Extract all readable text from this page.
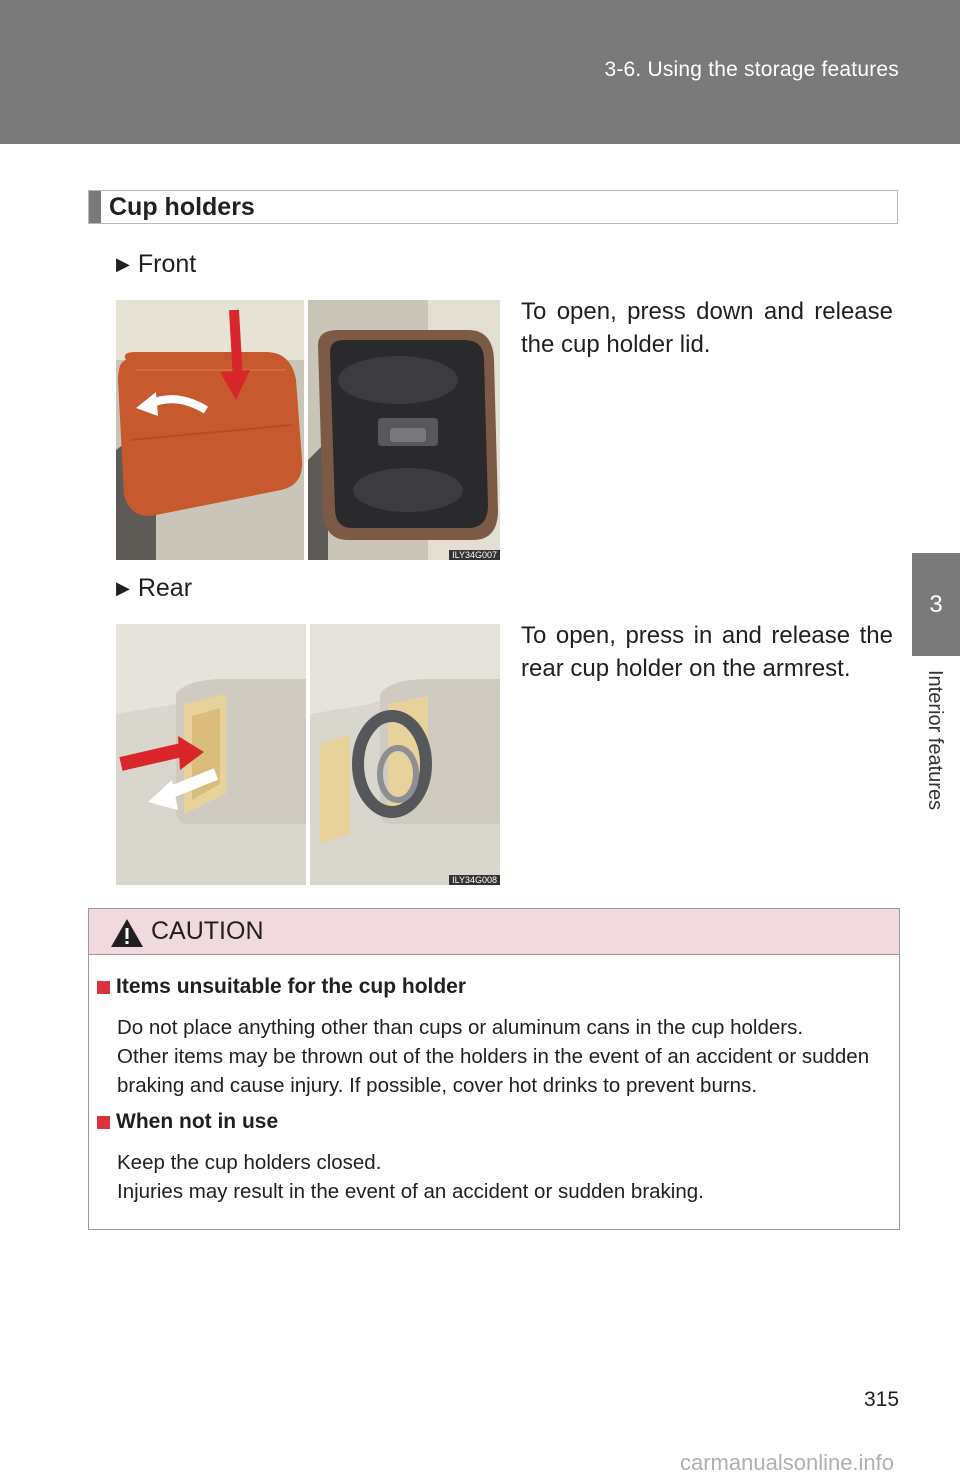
3-6. Using the storage features
3
Interior features
Cup holders
▶ Front
ILY34G007
To open, press down and release the cup holder lid.
▶ Rear
ILY34G008
To open, press in and release the rear cup holder on the armrest.
CAUTION
Items unsuitable for the cup holder
Do not place anything other than cups or aluminum cans in the cup holders.
Other items may be thrown out of the holders in the event of an accident or sudden
braking and cause injury. If possible, cover hot drinks to prevent burns.
When not in use
Keep the cup holders closed.
Injuries may result in the event of an accident or sudden braking.
315
carmanualsonline.info
